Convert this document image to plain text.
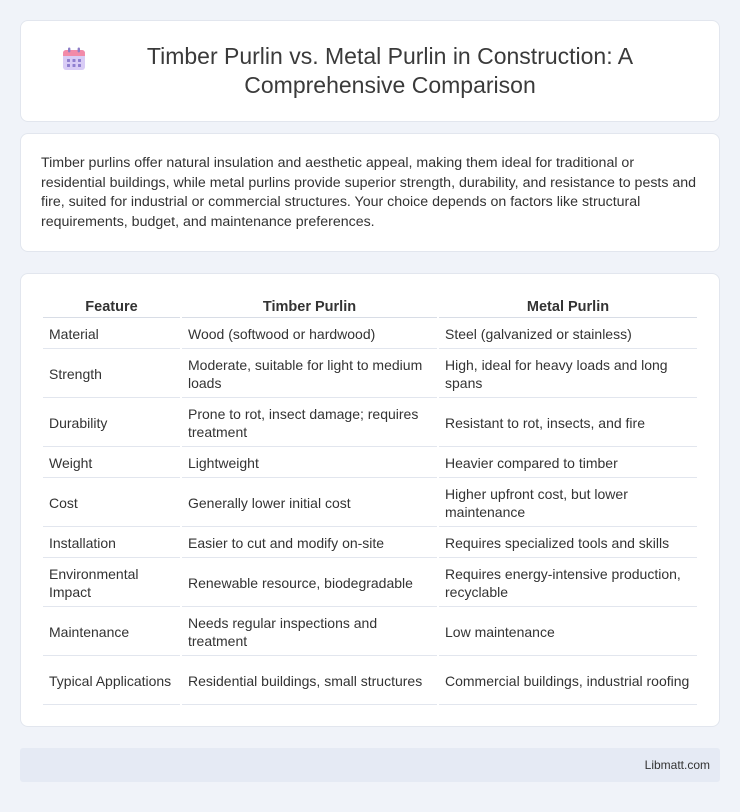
Timber Purlin vs. Metal Purlin in Construction: A Comprehensive Comparison

Timber purlins offer natural insulation and aesthetic appeal, making them ideal for traditional or residential buildings, while metal purlins provide superior strength, durability, and resistance to pests and fire, suited for industrial or commercial structures. Your choice depends on factors like structural requirements, budget, and maintenance preferences.

Feature	Timber Purlin	Metal Purlin
Material	Wood (softwood or hardwood)	Steel (galvanized or stainless)
Strength	Moderate, suitable for light to medium loads	High, ideal for heavy loads and long spans
Durability	Prone to rot, insect damage; requires treatment	Resistant to rot, insects, and fire
Weight	Lightweight	Heavier compared to timber
Cost	Generally lower initial cost	Higher upfront cost, but lower maintenance
Installation	Easier to cut and modify on-site	Requires specialized tools and skills
Environmental Impact	Renewable resource, biodegradable	Requires energy-intensive production, recyclable
Maintenance	Needs regular inspections and treatment	Low maintenance
Typical Applications	Residential buildings, small structures	Commercial buildings, industrial roofing
Libmatt.com
